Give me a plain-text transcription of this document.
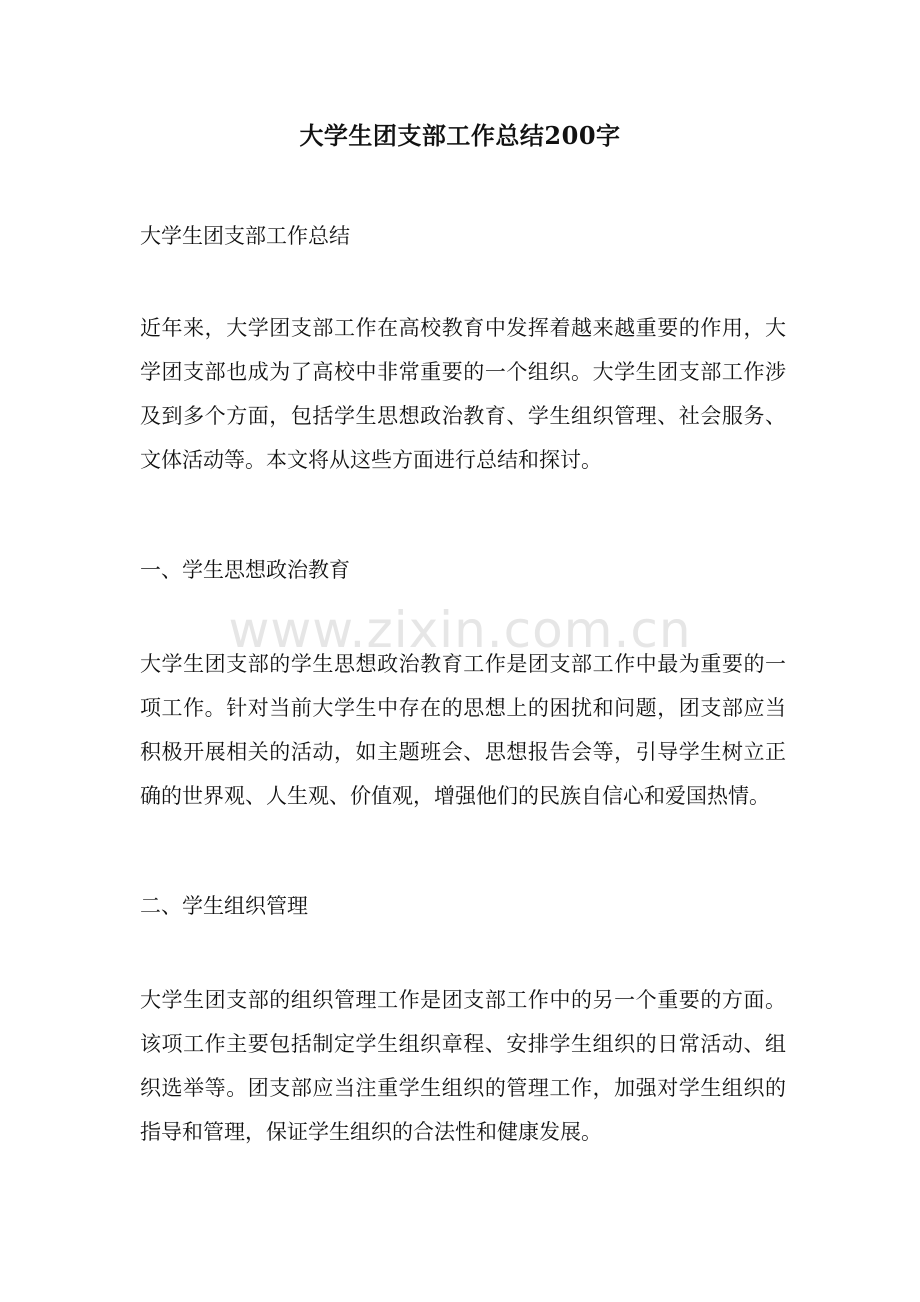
大学生团支部工作总结200字
大学生团支部工作总结
近年来，大学团支部工作在高校教育中发挥着越来越重要的作用，大学团支部也成为了高校中非常重要的一个组织。大学生团支部工作涉及到多个方面，包括学生思想政治教育、学生组织管理、社会服务、文体活动等。本文将从这些方面进行总结和探讨。
一、学生思想政治教育
www.zixin.com.cn
大学生团支部的学生思想政治教育工作是团支部工作中最为重要的一项工作。针对当前大学生中存在的思想上的困扰和问题，团支部应当积极开展相关的活动，如主题班会、思想报告会等，引导学生树立正确的世界观、人生观、价值观，增强他们的民族自信心和爱国热情。
二、学生组织管理
大学生团支部的组织管理工作是团支部工作中的另一个重要的方面。该项工作主要包括制定学生组织章程、安排学生组织的日常活动、组织选举等。团支部应当注重学生组织的管理工作，加强对学生组织的指导和管理，保证学生组织的合法性和健康发展。
